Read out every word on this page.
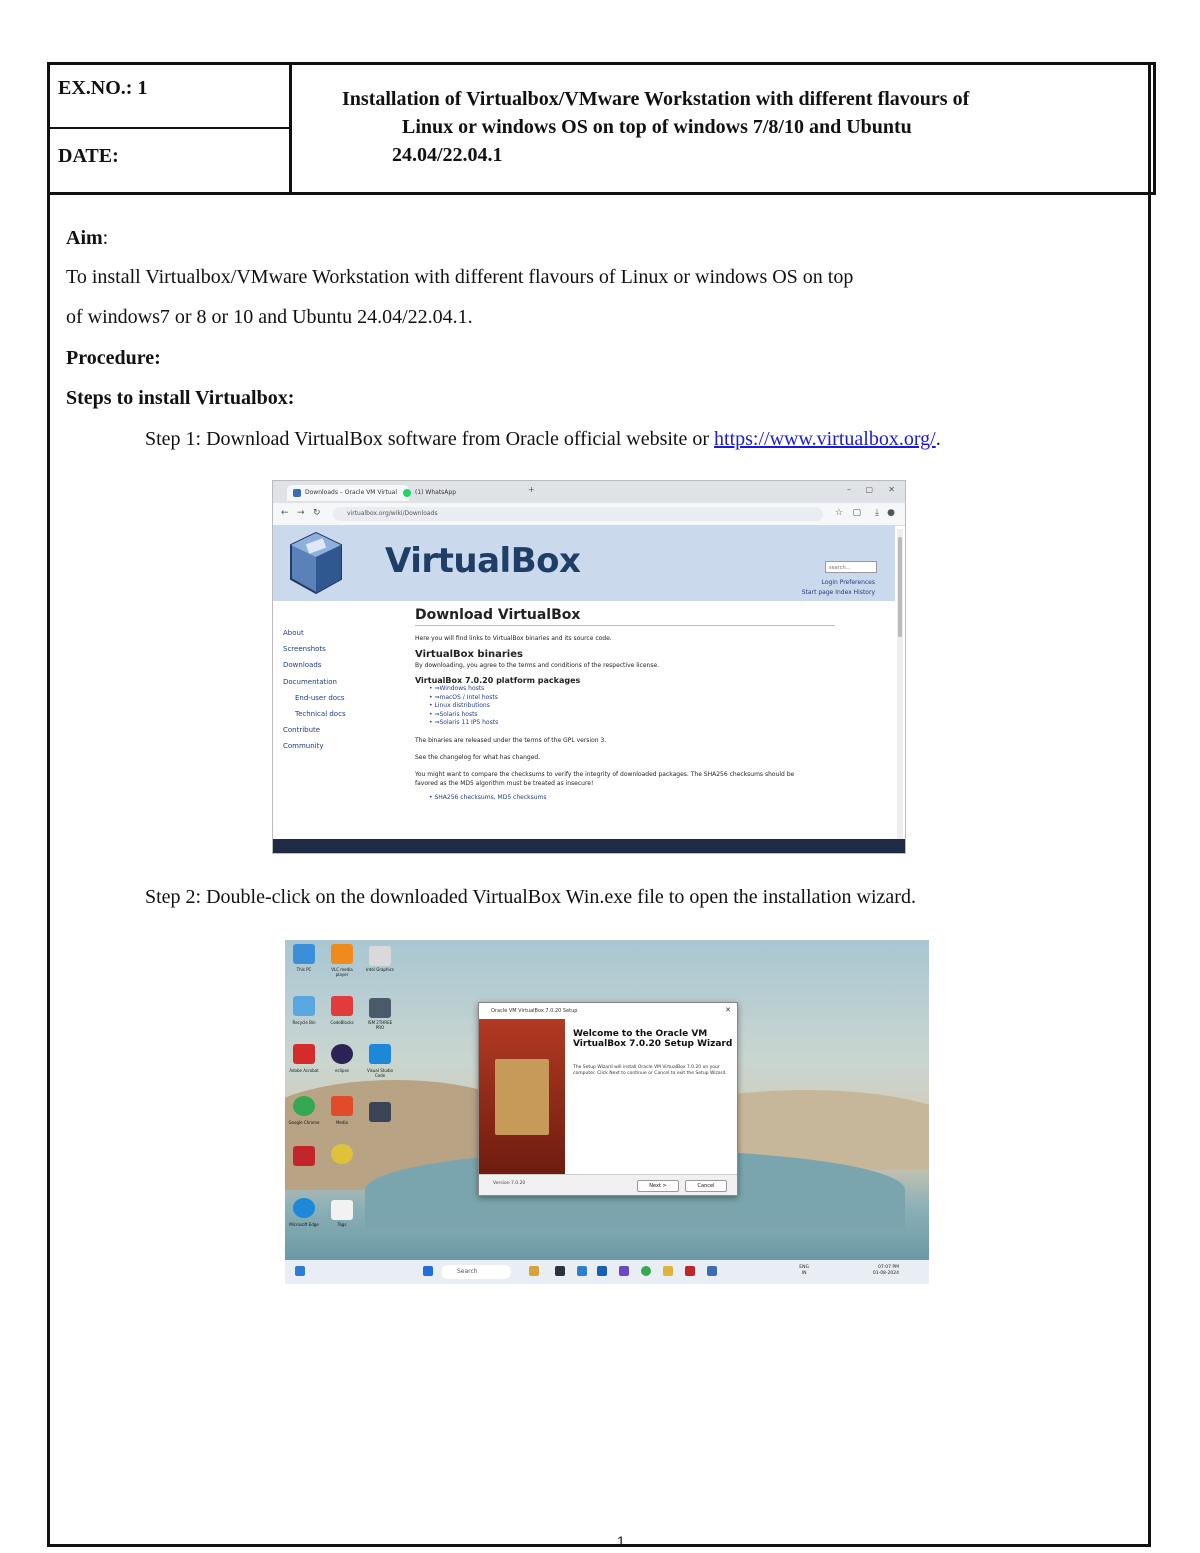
EX.NO.: 1
DATE:
Installation of Virtualbox/VMware Workstation with different flavours of
Linux or windows OS on top of windows 7/8/10 and Ubuntu
24.04/22.04.1
Aim:
To install Virtualbox/VMware Workstation with different flavours of Linux or windows OS on top
of windows7 or 8 or 10 and Ubuntu 24.04/22.04.1.
Procedure:
Steps to install Virtualbox:
Step 1: Download VirtualBox software from Oracle official website or https://www.virtualbox.org/.
Downloads – Oracle VM Virtual	(1) WhatsApp	+	– ▢ ✕
← → ↻	virtualbox.org/wiki/Downloads	☆ ▢ ⤓ ●
VirtualBox	search...
Login Preferences
Start page Index History
About
Screenshots
Downloads
Documentation
End-user docs
Technical docs
Contribute
Community
Download VirtualBox
Here you will find links to VirtualBox binaries and its source code.
VirtualBox binaries
By downloading, you agree to the terms and conditions of the respective license.
VirtualBox 7.0.20 platform packages
• ⇒Windows hosts
• ⇒macOS / Intel hosts
• Linux distributions
• ⇒Solaris hosts
• ⇒Solaris 11 IPS hosts
The binaries are released under the terms of the GPL version 3.
See the changelog for what has changed.
You might want to compare the checksums to verify the integrity of downloaded packages. The SHA256 checksums should be favored as the MD5 algorithm must be treated as insecure!
• SHA256 checksums, MD5 checksums
Step 2: Double-click on the downloaded VirtualBox Win.exe file to open the installation wizard.
This PC	VLC media player
Intel Graphics
Recycle Bin	CodeBlocks	ISM 2THREE PRO
Adobe Acrobat	eclipse	Visual Studio Code
Google Chrome	Media
Microsoft Edge	Tags
Oracle VM VirtualBox 7.0.20 Setup	✕
Welcome to the Oracle VM VirtualBox 7.0.20 Setup Wizard
The Setup Wizard will install Oracle VM VirtualBox 7.0.20 on your computer. Click Next to continue or Cancel to exit the Setup Wizard.
Version 7.0.20	Next >	Cancel
Search
ENG
IN
07:07 PM
01-08-2024
1
